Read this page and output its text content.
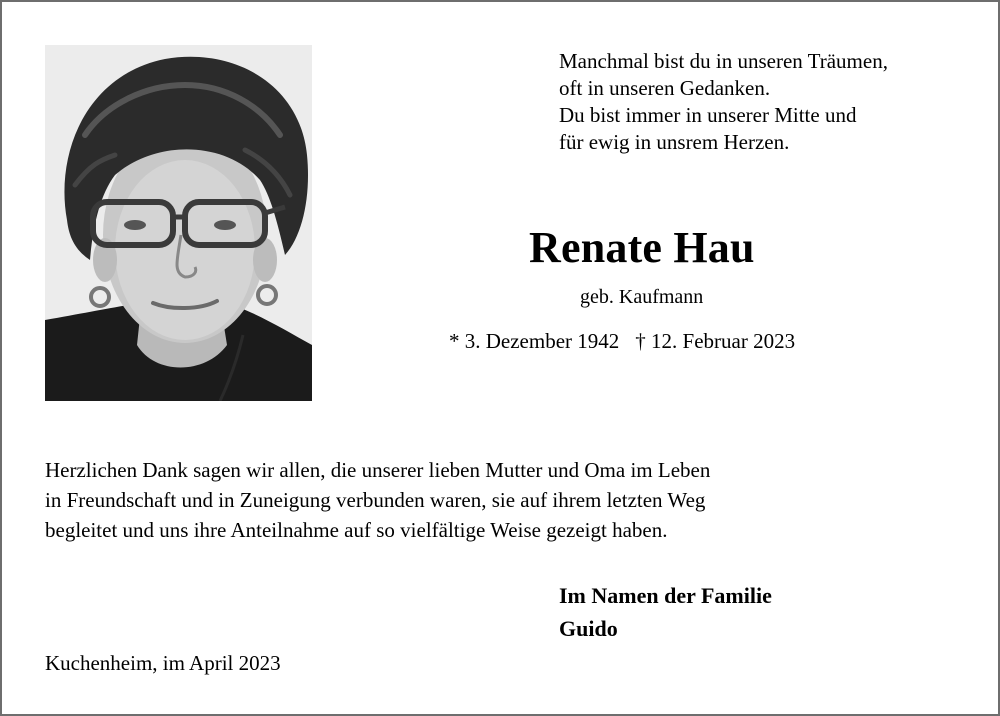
Manchmal bist du in unseren Träumen,
oft in unseren Gedanken.
Du bist immer in unserer Mitte und
für ewig in unsrem Herzen.
Renate Hau
geb. Kaufmann
* 3. Dezember 1942 † 12. Februar 2023
Herzlichen Dank sagen wir allen, die unserer lieben Mutter und Oma im Leben
in Freundschaft und in Zuneigung verbunden waren, sie auf ihrem letzten Weg
begleitet und uns ihre Anteilnahme auf so vielfältige Weise gezeigt haben.
Im Namen der Familie
Guido
Kuchenheim, im April 2023
